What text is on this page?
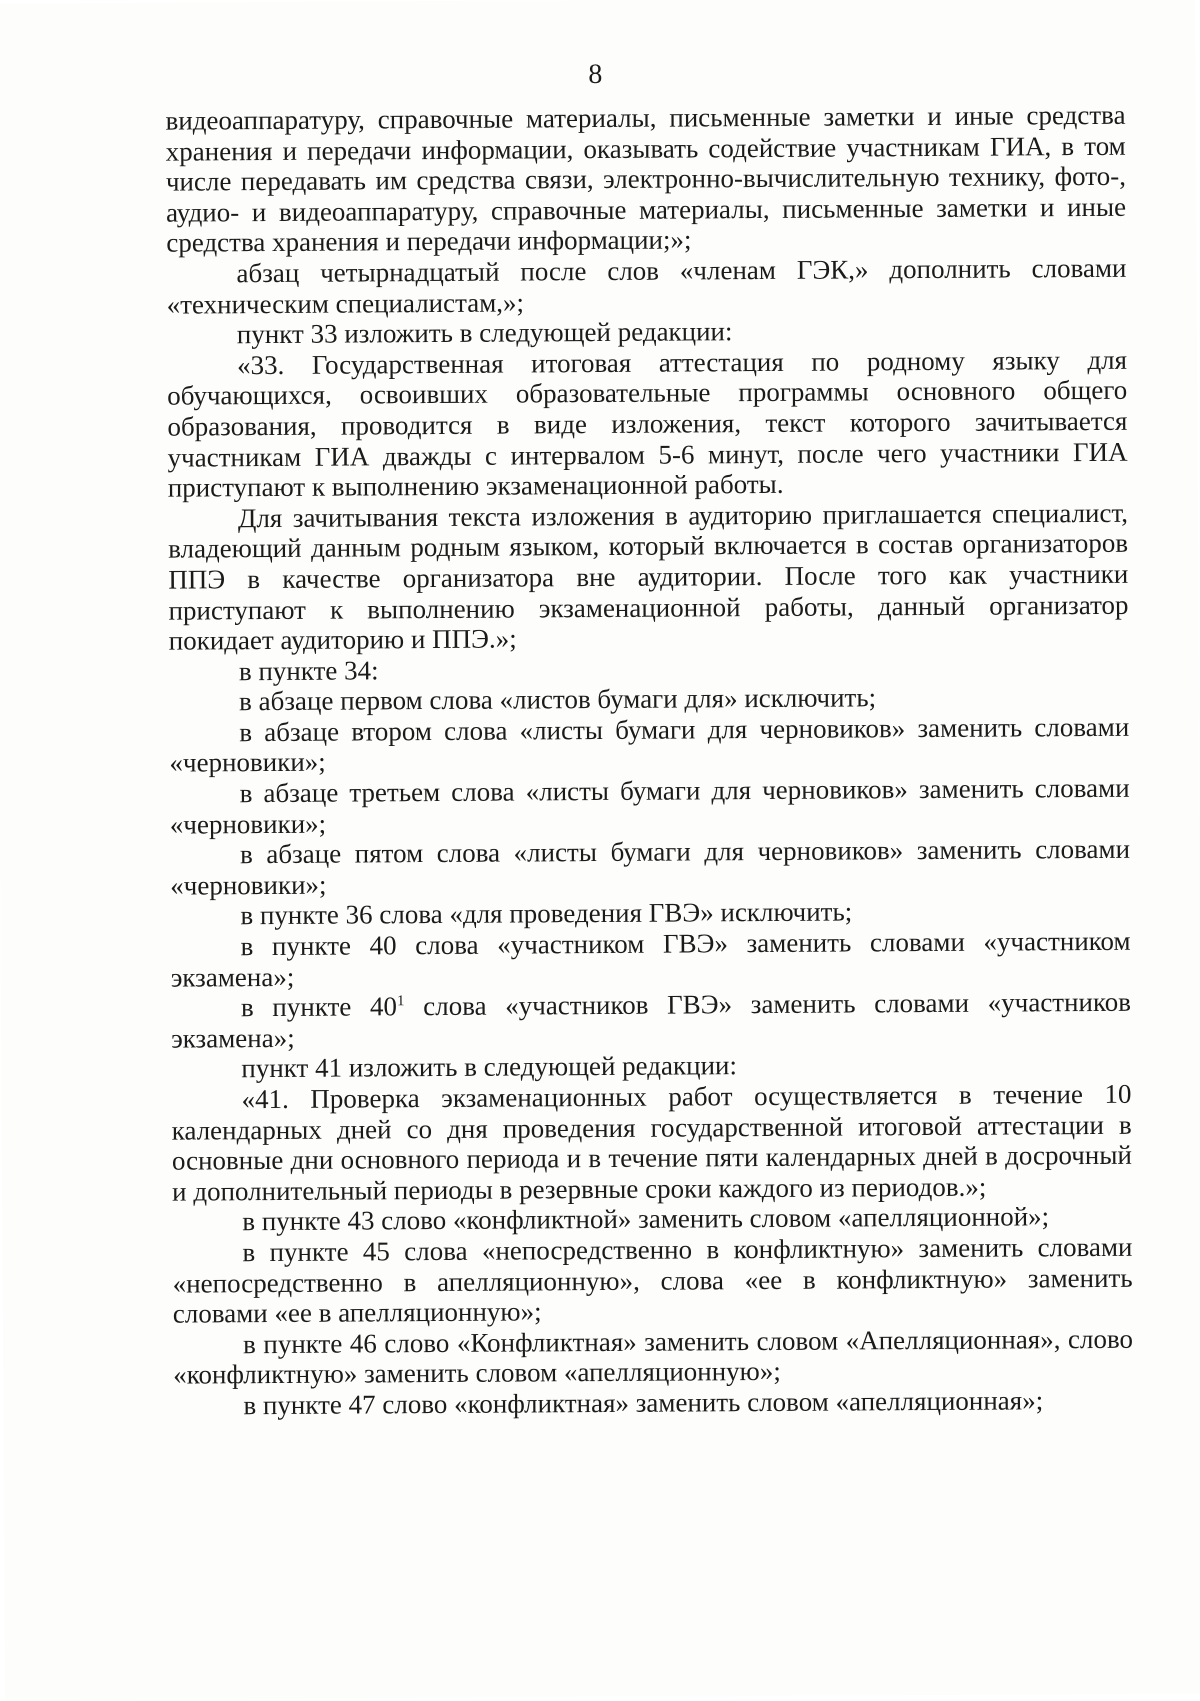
8

видеоаппаратуру, справочные материалы, письменные заметки и иные средства хранения и передачи информации, оказывать содействие участникам ГИА, в том числе передавать им средства связи, электронно-вычислительную технику, фото-, аудио- и видеоаппаратуру, справочные материалы, письменные заметки и иные средства хранения и передачи информации;»;

абзац четырнадцатый после слов «членам ГЭК,» дополнить словами «техническим специалистам,»;

пункт 33 изложить в следующей редакции:

«33. Государственная итоговая аттестация по родному языку для обучающихся, освоивших образовательные программы основного общего образования, проводится в виде изложения, текст которого зачитывается участникам ГИА дважды с интервалом 5-6 минут, после чего участники ГИА приступают к выполнению экзаменационной работы.

Для зачитывания текста изложения в аудиторию приглашается специалист, владеющий данным родным языком, который включается в состав организаторов ППЭ в качестве организатора вне аудитории. После того как участники приступают к выполнению экзаменационной работы, данный организатор покидает аудиторию и ППЭ.»;

в пункте 34:

в абзаце первом слова «листов бумаги для» исключить;

в абзаце втором слова «листы бумаги для черновиков» заменить словами «черновики»;

в абзаце третьем слова «листы бумаги для черновиков» заменить словами «черновики»;

в абзаце пятом слова «листы бумаги для черновиков» заменить словами «черновики»;

в пункте 36 слова «для проведения ГВЭ» исключить;

в пункте 40 слова «участником ГВЭ» заменить словами «участником экзамена»;

в пункте $40^1$ слова «участников ГВЭ» заменить словами «участников экзамена»;

пункт 41 изложить в следующей редакции:

«41. Проверка экзаменационных работ осуществляется в течение 10 календарных дней со дня проведения государственной итоговой аттестации в основные дни основного периода и в течение пяти календарных дней в досрочный и дополнительный периоды в резервные сроки каждого из периодов.»;

в пункте 43 слово «конфликтной» заменить словом «апелляционной»;

в пункте 45 слова «непосредственно в конфликтную» заменить словами «непосредственно в апелляционную», слова «ее в конфликтную» заменить словами «ее в апелляционную»;

в пункте 46 слово «Конфликтная» заменить словом «Апелляционная», слово «конфликтную» заменить словом «апелляционную»;

в пункте 47 слово «конфликтная» заменить словом «апелляционная»;
